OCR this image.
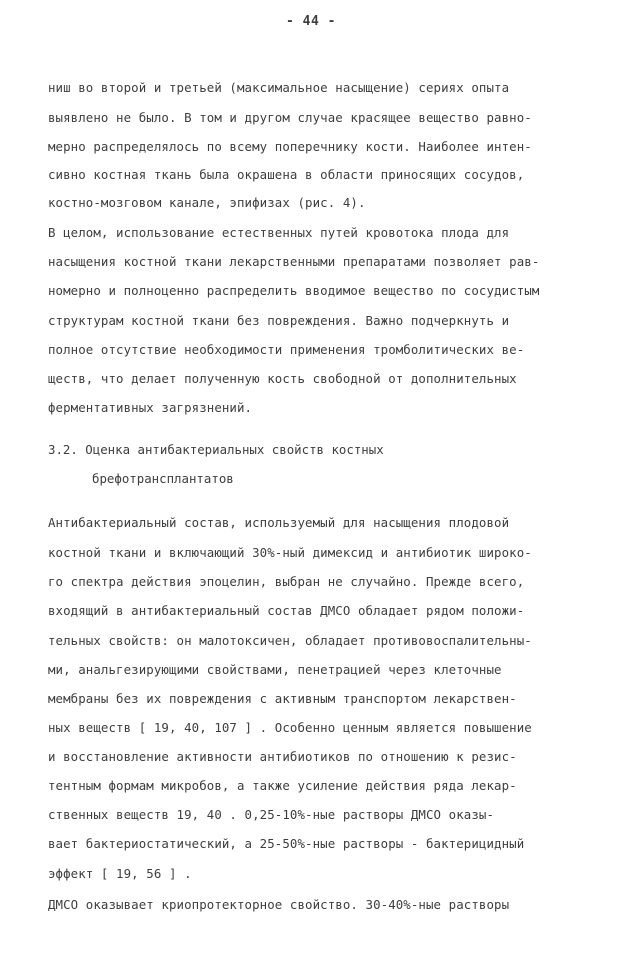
- 44 -
ниш во второй и третьей (максимальное насыщение) сериях опыта
выявлено не было. В том и другом случае красящее вещество равно-
мерно распределялось по всему поперечнику кости. Наиболее интен-
сивно костная ткань была окрашена в области приносящих сосудов,
костно-мозговом канале, эпифизах (рис. 4).
В целом, использование естественных путей кровотока плода для
насыщения костной ткани лекарственными препаратами позволяет рав-
номерно и полноценно распределить вводимое вещество по сосудистым
структурам костной ткани без повреждения. Важно подчеркнуть и
полное отсутствие необходимости применения тромболитических ве-
ществ, что делает полученную кость свободной от дополнительных
ферментативных загрязнений.
3.2. Оценка антибактериальных свойств костных
брефотрансплантатов
Антибактериальный состав, используемый для насыщения плодовой
костной ткани и включающий 30%-ный димексид и антибиотик широко-
го спектра действия эпоцелин, выбран не случайно. Прежде всего,
входящий в антибактериальный состав ДМСО обладает рядом положи-
тельных свойств: он малотоксичен, обладает противовоспалительны-
ми, анальгезирующими свойствами, пенетрацией через клеточные
мембраны без их повреждения с активным транспортом лекарствен-
ных веществ [ 19, 40, 107 ] . Особенно ценным является повышение
и восстановление активности антибиотиков по отношению к резис-
тентным формам микробов, а также усиление действия ряда лекар-
ственных веществ 19, 40 . 0,25-10%-ные растворы ДМСО оказы-
вает бактериостатический, а 25-50%-ные растворы - бактерицидный
эффект [ 19, 56 ] .
ДМСО оказывает криопротекторное свойство. 30-40%-ные растворы
